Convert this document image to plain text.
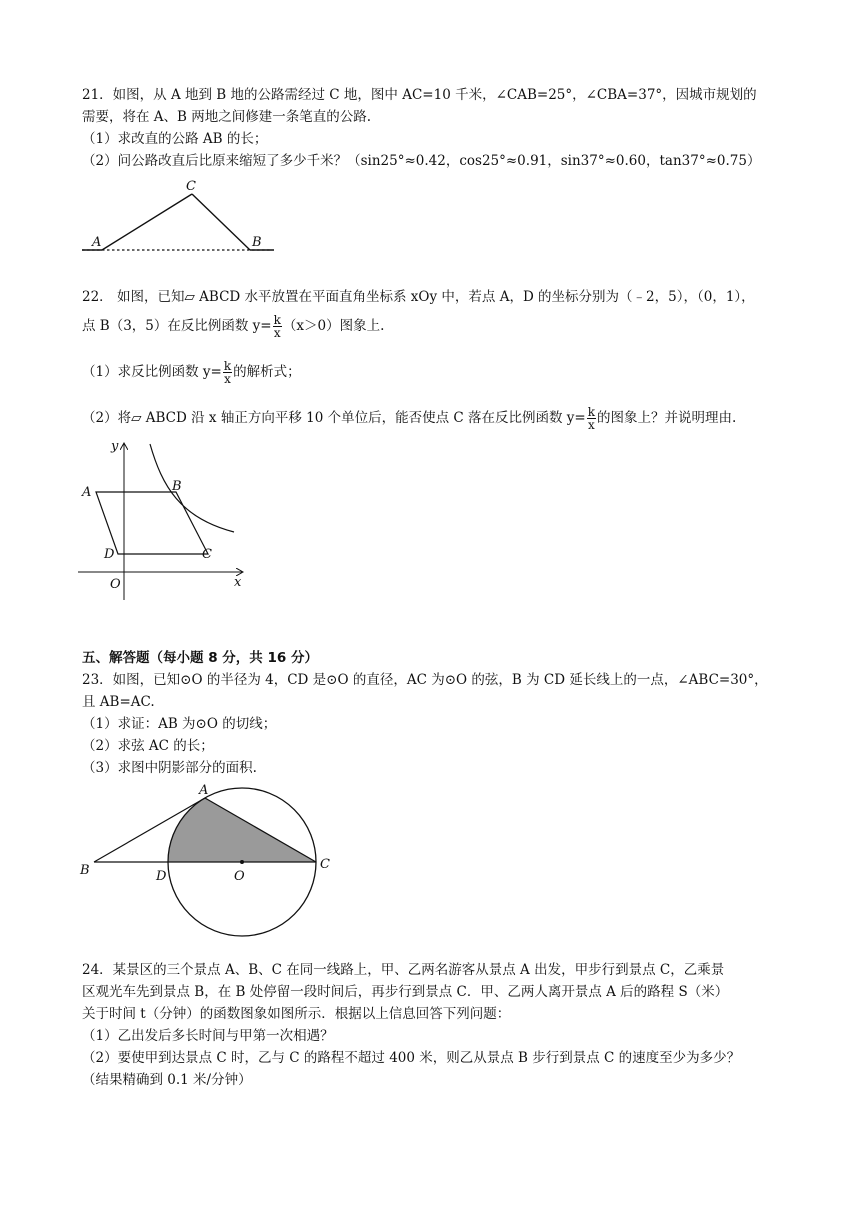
21．如图，从 A 地到 B 地的公路需经过 C 地，图中 AC=10 千米，∠CAB=25°，∠CBA=37°，因城市规划的
需要，将在 A、B 两地之间修建一条笔直的公路.
（1）求改直的公路 AB 的长；
（2）问公路改直后比原来缩短了多少千米？（sin25°≈0.42，cos25°≈0.91，sin37°≈0.60，tan37°≈0.75）
A	B
C
22． 如图，已知▱ ABCD 水平放置在平面直角坐标系 xOy 中，若点 A，D 的坐标分别为（﹣2，5），（0，1），
点 B（3，5）在反比例函数 $y= \frac{k}{x} (x>0)$图象上.
（1）求反比例函数 $y= \frac{k}{x}$ 的解析式；
（2）将▱ ABCD 沿 x 轴正方向平移 10 个单位后，能否使点 C 落在反比例函数 $y= \frac{k}{x}$ 的图象上？并说明理由.
y
A	B
D	C
O	x
五、解答题（每小题 8 分，共 16 分）
23．如图，已知⊙O 的半径为 4，CD 是⊙O 的直径，AC 为⊙O 的弦，B 为 CD 延长线上的一点，∠ABC=30°，
且 AB=AC.
（1）求证：AB 为⊙O 的切线；
（2）求弦 AC 的长；
（3）求图中阴影部分的面积.
A
B	D	O
C
24．某景区的三个景点 A、B、C 在同一线路上，甲、乙两名游客从景点 A 出发，甲步行到景点 C，乙乘景
区观光车先到景点 B，在 B 处停留一段时间后，再步行到景点 C．甲、乙两人离开景点 A 后的路程 S（米）
关于时间 t（分钟）的函数图象如图所示．根据以上信息回答下列问题：
（1）乙出发后多长时间与甲第一次相遇？
（2）要使甲到达景点 C 时，乙与 C 的路程不超过 400 米，则乙从景点 B 步行到景点 C 的速度至少为多少？
（结果精确到 0.1 米/分钟）
